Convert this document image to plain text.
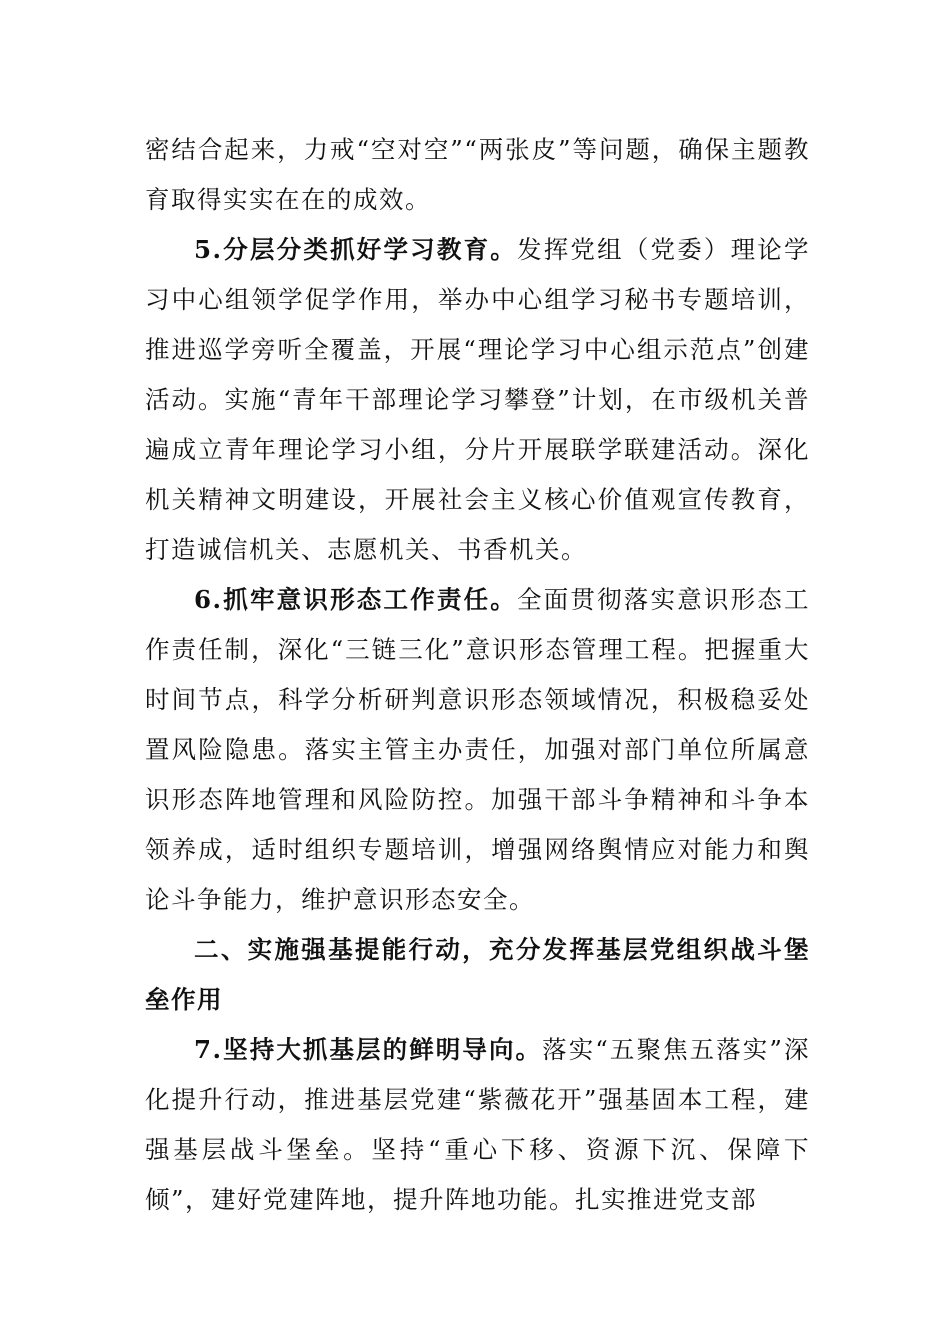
密结合起来，力戒“空对空”“两张皮”等问题，确保主题教育取得实实在在的成效。

5.分层分类抓好学习教育。发挥党组（党委）理论学习中心组领学促学作用，举办中心组学习秘书专题培训，推进巡学旁听全覆盖，开展“理论学习中心组示范点”创建活动。实施“青年干部理论学习攀登”计划，在市级机关普遍成立青年理论学习小组，分片开展联学联建活动。深化机关精神文明建设，开展社会主义核心价值观宣传教育，打造诚信机关、志愿机关、书香机关。

6.抓牢意识形态工作责任。全面贯彻落实意识形态工作责任制，深化“三链三化”意识形态管理工程。把握重大时间节点，科学分析研判意识形态领域情况，积极稳妥处置风险隐患。落实主管主办责任，加强对部门单位所属意识形态阵地管理和风险防控。加强干部斗争精神和斗争本领养成，适时组织专题培训，增强网络舆情应对能力和舆论斗争能力，维护意识形态安全。

二、实施强基提能行动，充分发挥基层党组织战斗堡垒作用

7.坚持大抓基层的鲜明导向。落实“五聚焦五落实”深化提升行动，推进基层党建“紫薇花开”强基固本工程，建强基层战斗堡垒。坚持“重心下移、资源下沉、保障下倾”，建好党建阵地，提升阵地功能。扎实推进党支部
